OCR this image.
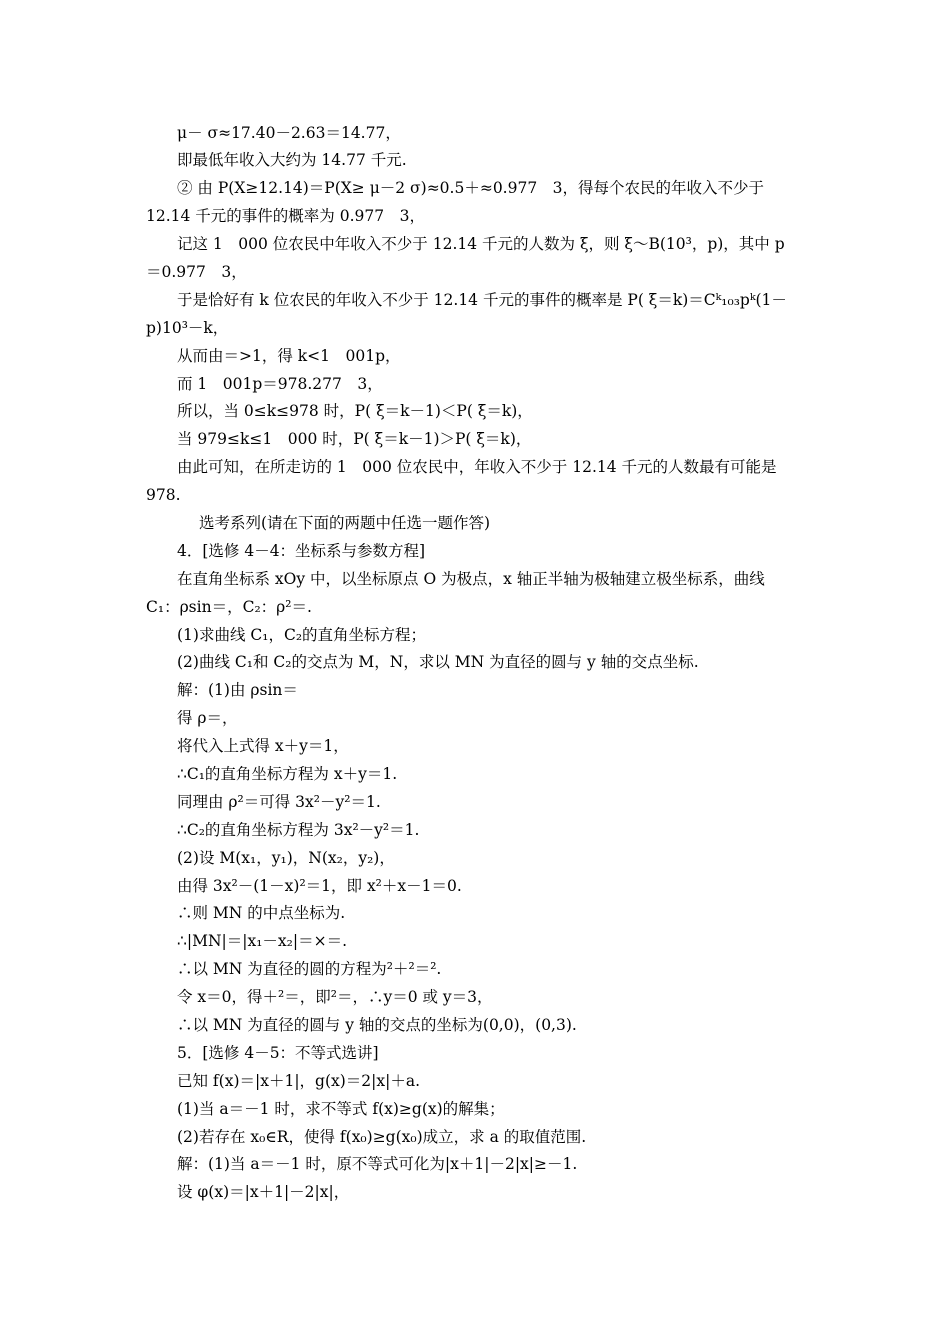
μ－ σ≈17.40－2.63＝14.77，
即最低年收入大约为 14.77 千元.
② 由 P(X≥12.14)＝P(X≥ μ－2 σ)≈0.5＋≈0.977　3，得每个农民的年收入不少于
12.14 千元的事件的概率为 0.977　3，
记这 1　000 位农民中年收入不少于 12.14 千元的人数为 ξ，则 ξ～B(10³，p)，其中 p
＝0.977　3，
于是恰好有 k 位农民的年收入不少于 12.14 千元的事件的概率是 P( ξ＝k)＝Cᵏ₁₀₃pᵏ(1－
p)10³－k，
从而由＝>1，得 k<1　001p，
而 1　001p＝978.277　3，
所以，当 0≤k≤978 时，P( ξ＝k－1)＜P( ξ＝k)，
当 979≤k≤1　000 时，P( ξ＝k－1)＞P( ξ＝k)，
由此可知，在所走访的 1　000 位农民中，年收入不少于 12.14 千元的人数最有可能是
978.
选考系列(请在下面的两题中任选一题作答)
4．[选修 4－4：坐标系与参数方程]
在直角坐标系 xOy 中，以坐标原点 O 为极点，x 轴正半轴为极轴建立极坐标系，曲线
C₁：ρsin＝，C₂：ρ²＝.
(1)求曲线 C₁，C₂的直角坐标方程；
(2)曲线 C₁和 C₂的交点为 M，N，求以 MN 为直径的圆与 y 轴的交点坐标.
解：(1)由 ρsin＝
得 ρ＝，
将代入上式得 x＋y＝1，
∴C₁的直角坐标方程为 x＋y＝1.
同理由 ρ²＝可得 3x²－y²＝1.
∴C₂的直角坐标方程为 3x²－y²＝1.
(2)设 M(x₁，y₁)，N(x₂，y₂)，
由得 3x²－(1－x)²＝1，即 x²＋x－1＝0.
∴则 MN 的中点坐标为.
∴|MN|＝|x₁－x₂|＝×＝.
∴以 MN 为直径的圆的方程为²＋²＝².
令 x＝0，得＋²＝，即²＝，∴y＝0 或 y＝3，
∴以 MN 为直径的圆与 y 轴的交点的坐标为(0,0)，(0,3).
5．[选修 4－5：不等式选讲]
已知 f(x)＝|x＋1|，g(x)＝2|x|＋a.
(1)当 a＝－1 时，求不等式 f(x)≥g(x)的解集；
(2)若存在 x₀∈R，使得 f(x₀)≥g(x₀)成立，求 a 的取值范围.
解：(1)当 a＝－1 时，原不等式可化为|x＋1|－2|x|≥－1.
设 φ(x)＝|x＋1|－2|x|，
